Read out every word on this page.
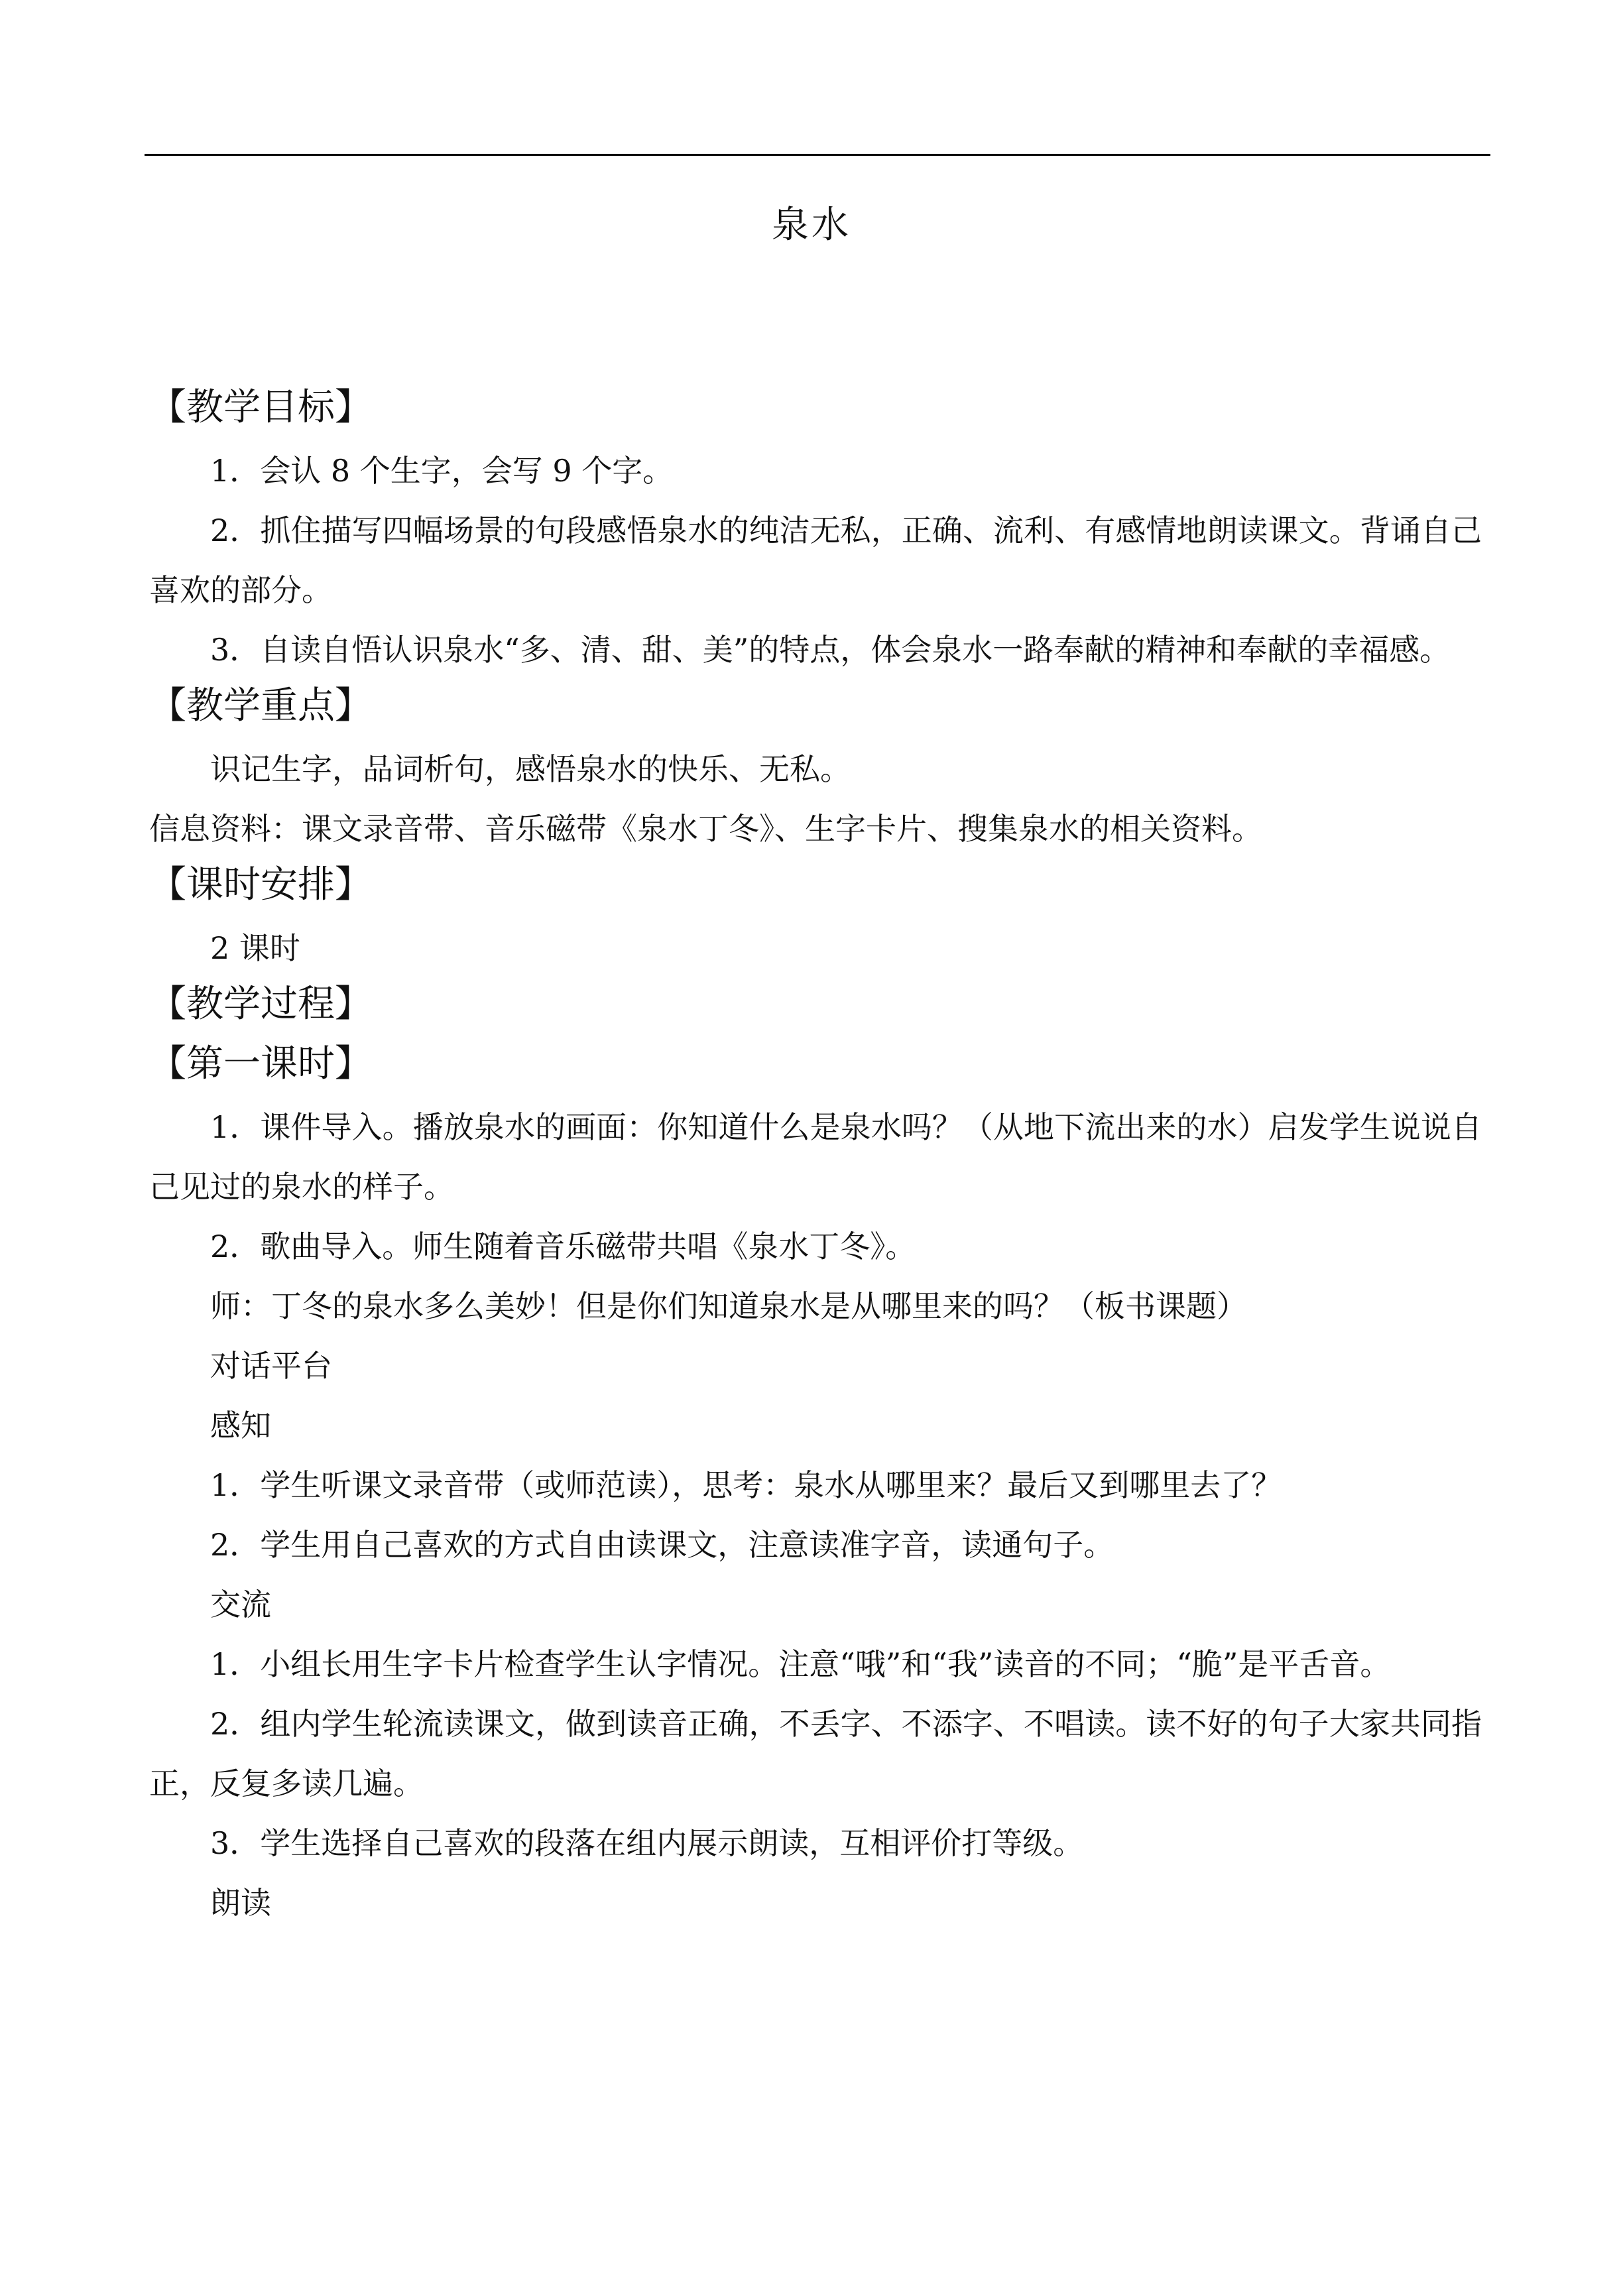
泉水
【教学目标】
1．会认 8 个生字，会写 9 个字。
2．抓住描写四幅场景的句段感悟泉水的纯洁无私，正确、流利、有感情地朗读课文。背诵自己喜欢的部分。
3．自读自悟认识泉水“多、清、甜、美”的特点，体会泉水一路奉献的精神和奉献的幸福感。
【教学重点】
识记生字，品词析句，感悟泉水的快乐、无私。
信息资料：课文录音带、音乐磁带《泉水丁冬》、生字卡片、搜集泉水的相关资料。
【课时安排】
2 课时
【教学过程】
【第一课时】
1．课件导入。播放泉水的画面：你知道什么是泉水吗？（从地下流出来的水）启发学生说说自己见过的泉水的样子。
2．歌曲导入。师生随着音乐磁带共唱《泉水丁冬》。
师：丁冬的泉水多么美妙！但是你们知道泉水是从哪里来的吗？（板书课题）
对话平台
感知
1．学生听课文录音带（或师范读），思考：泉水从哪里来？最后又到哪里去了？
2．学生用自己喜欢的方式自由读课文，注意读准字音，读通句子。
交流
1．小组长用生字卡片检查学生认字情况。注意“哦”和“我”读音的不同；“脆”是平舌音。
2．组内学生轮流读课文，做到读音正确，不丢字、不添字、不唱读。读不好的句子大家共同指正，反复多读几遍。
3．学生选择自己喜欢的段落在组内展示朗读，互相评价打等级。
朗读
